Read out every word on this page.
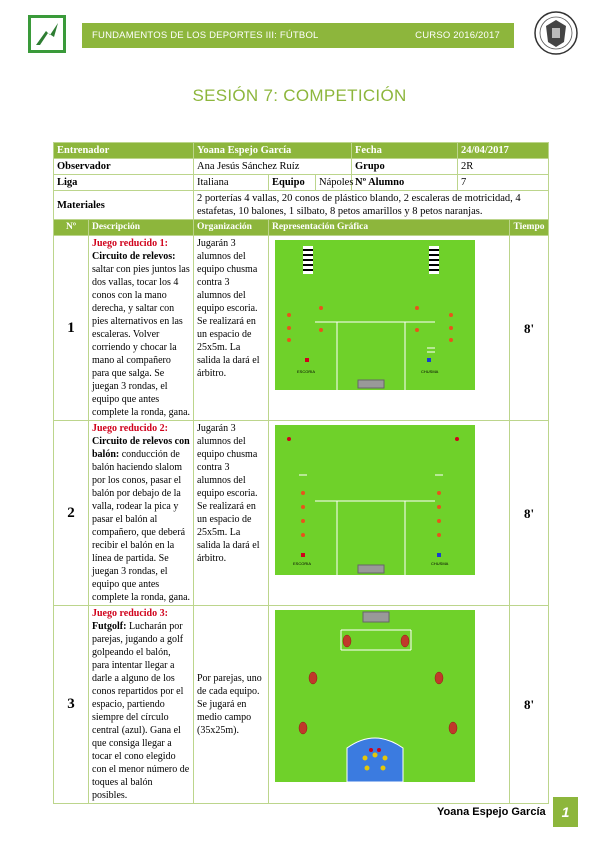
FUNDAMENTOS DE LOS DEPORTES III: FÚTBOL	CURSO 2016/2017
SESIÓN 7: COMPETICIÓN
Entrenador		Yoana Espejo García			Fecha	24/04/2017	
Observador		Ana Jesús Sánchez Ruíz			Grupo	2R	
Liga		Italiana	Equipo	Nápoles	Nº Alumno	7	
Materiales		2 porterías 4 vallas, 20 conos de plástico blando, 2 escaleras de motricidad, 4 estafetas, 10 balones, 1 silbato, 8 petos amarillos y 8 petos naranjas.					
Nº	Descripción	Organización	Representación Gráfica				Tiempo
1	Juego reducido 1: Circuito de relevos: saltar con pies juntos las dos vallas, tocar los 4 conos con la mano derecha, y saltar con pies alternativos en las escaleras. Volver corriendo y chocar la mano al compañero para que salga. Se juegan 3 rondas, el equipo que antes complete la ronda, gana.	Jugarán 3 alumnos del equipo chusma contra 3 alumnos del equipo escoria. Se realizará en un espacio de 25x5m. La salida la dará el árbitro.	ESCORIA CHUSMA				8'
2	Juego reducido 2: Circuito de relevos con balón: conducción de balón haciendo slalom por los conos, pasar el balón por debajo de la valla, rodear la pica y pasar el balón al compañero, que deberá recibir el balón en la línea de partida. Se juegan 3 rondas, el equipo que antes complete la ronda, gana.	Jugarán 3 alumnos del equipo chusma contra 3 alumnos del equipo escoria. Se realizará en un espacio de 25x5m. La salida la dará el árbitro.	ESCORIA CHUSMA				8'
3	Juego reducido 3: Futgolf: Lucharán por parejas, jugando a golf golpeando el balón, para intentar llegar a darle a alguno de los conos repartidos por el espacio, partiendo siempre del círculo central (azul). Gana el que consiga llegar a tocar el cono elegido con el menor número de toques al balón posibles.	Por parejas, uno de cada equipo. Se jugará en medio campo (35x25m).					8'
Yoana Espejo García	1
